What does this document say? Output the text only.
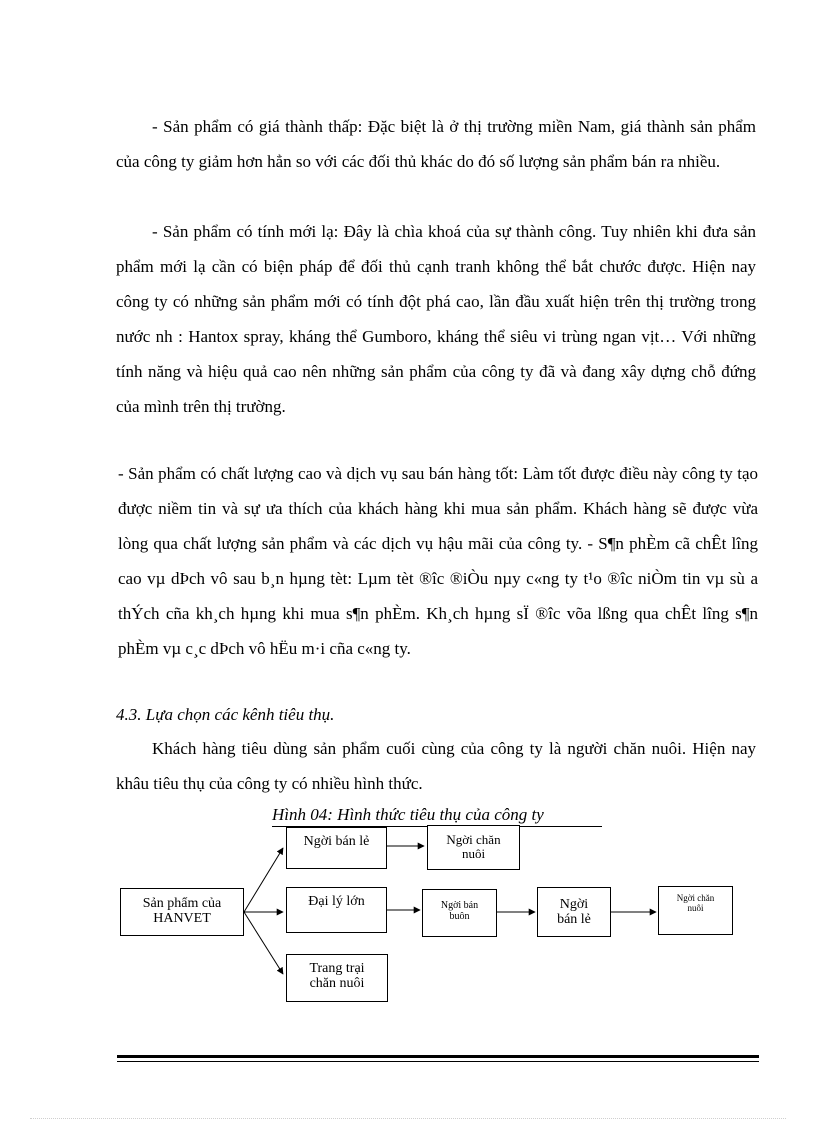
- Sản phẩm có giá thành thấp: Đặc biệt là ở thị trường miền Nam, giá thành sản phẩm của công ty giảm hơn hẳn so với các đối thủ khác do đó số lượng sản phẩm bán ra nhiều.

- Sản phẩm có tính mới lạ: Đây là chìa khoá của sự thành công. Tuy nhiên khi đưa sản phẩm mới lạ cần có biện pháp để đối thủ cạnh tranh không thể bắt chước được. Hiện nay công ty có những sản phẩm mới có tính đột phá cao, lần đầu xuất hiện trên thị trường trong nước nh : Hantox spray, kháng thể Gumboro, kháng thể siêu vi trùng ngan vịt… Với những tính năng và hiệu quả cao nên những sản phẩm của công ty đã và đang xây dựng chỗ đứng của mình trên thị trường.

- Sản phẩm có chất lượng cao và dịch vụ sau bán hàng tốt: Làm tốt được điều này công ty tạo được niềm tin và sự ưa thích của khách hàng khi mua sản phẩm. Khách hàng sẽ được vừa lòng qua chất lượng sản phẩm và các dịch vụ hậu mãi của công ty. - S¶n phÈm cã chÊt lîng cao vµ dÞch vô sau b¸n hµng tèt: Lµm tèt ®îc ®iÒu nµy c«ng ty t¹o ®îc niÒm tin vµ sù a thÝch cña kh¸ch hµng khi mua s¶n phÈm. Kh¸ch hµng sÏ ®îc võa lßng qua chÊt lîng s¶n phÈm vµ c¸c dÞch vô hËu m·i cña c«ng ty.

4.3. Lựa chọn các kênh tiêu thụ.

Khách hàng tiêu dùng sản phẩm cuối cùng của công ty là người chăn nuôi. Hiện nay khâu tiêu thụ của công ty có nhiều hình thức.

Hình 04: Hình thức tiêu thụ của công ty

Sản phẩm của HANVET
Ngời bán lẻ	Ngời chăn nuôi
Đại lý lớn	Ngời bán buôn
Ngời bán lẻ
Ngời chăn nuôi
Trang trại chăn nuôi
